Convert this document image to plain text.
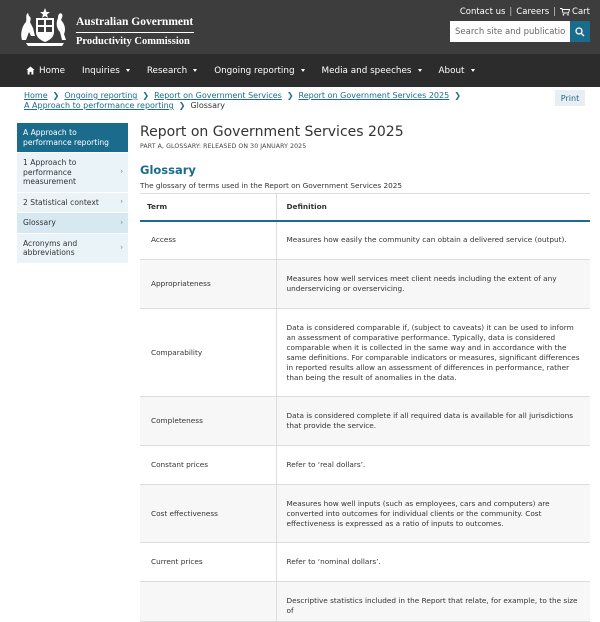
Australian Government
Productivity Commission
Contact us | Careers |	Cart
Search site and publications
Home Inquiries	Research	Ongoing reporting	Media and speeches	About
Home ❯ Ongoing reporting ❯ Report on Government Services ❯ Report on Government Services 2025 ❯
A Approach to performance reporting ❯ Glossary
Print
A Approach to performance reporting
1 Approach to performance measurement
›
2 Statistical context	›
Glossary	›
Acronyms and abbreviations
›
Report on Government Services 2025
PART A, GLOSSARY: RELEASED ON 30 JANUARY 2025
Glossary
The glossary of terms used in the Report on Government Services 2025
Term	Definition
Access	Measures how easily the community can obtain a delivered service (output).
Appropriateness	Measures how well services meet client needs including the extent of any underservicing or overservicing.
Comparability	Data is considered comparable if, (subject to caveats) it can be used to inform an assessment of comparative performance. Typically, data is considered comparable when it is collected in the same way and in accordance with the same definitions. For comparable indicators or measures, significant differences in reported results allow an assessment of differences in performance, rather than being the result of anomalies in the data.
Completeness	Data is considered complete if all required data is available for all jurisdictions that provide the service.
Constant prices	Refer to ‘real dollars’.
Cost effectiveness	Measures how well inputs (such as employees, cars and computers) are converted into outcomes for individual clients or the community. Cost effectiveness is expressed as a ratio of inputs to outcomes.
Current prices	Refer to ‘nominal dollars’.
	Descriptive statistics included in the Report that relate, for example, to the size of
